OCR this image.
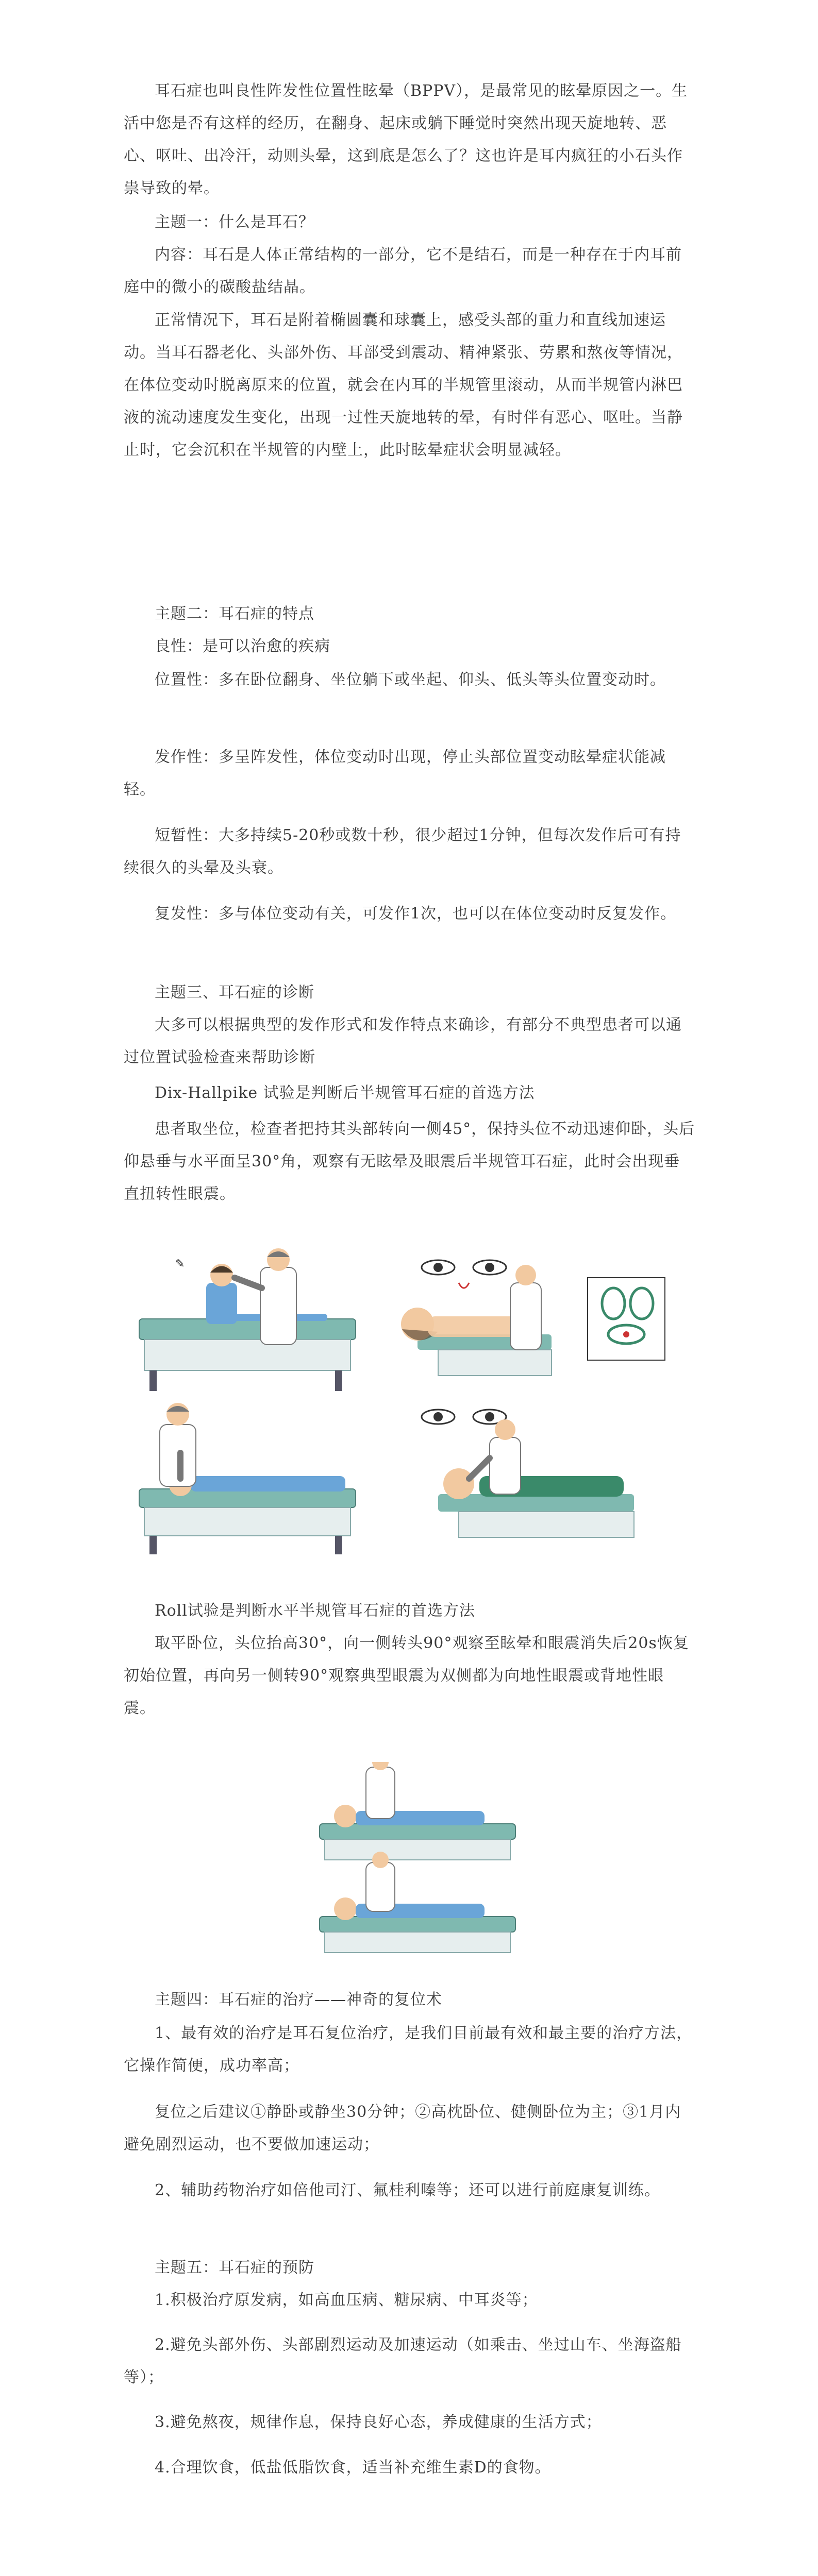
耳石症也叫良性阵发性位置性眩晕（BPPV），是最常见的眩晕原因之一。生活中您是否有这样的经历，在翻身、起床或躺下睡觉时突然出现天旋地转、恶心、呕吐、出冷汗，动则头晕，这到底是怎么了？这也许是耳内疯狂的小石头作祟导致的晕。

主题一：什么是耳石？

内容：耳石是人体正常结构的一部分，它不是结石，而是一种存在于内耳前庭中的微小的碳酸盐结晶。

正常情况下，耳石是附着椭圆囊和球囊上，感受头部的重力和直线加速运动。当耳石器老化、头部外伤、耳部受到震动、精神紧张、劳累和熬夜等情况，在体位变动时脱离原来的位置，就会在内耳的半规管里滚动，从而半规管内淋巴液的流动速度发生变化，出现一过性天旋地转的晕，有时伴有恶心、呕吐。当静止时，它会沉积在半规管的内壁上，此时眩晕症状会明显减轻。

主题二：耳石症的特点

良性：是可以治愈的疾病

位置性：多在卧位翻身、坐位躺下或坐起、仰头、低头等头位置变动时。

发作性：多呈阵发性，体位变动时出现，停止头部位置变动眩晕症状能减轻。

短暂性：大多持续5-20秒或数十秒，很少超过1分钟，但每次发作后可有持续很久的头晕及头衰。

复发性：多与体位变动有关，可发作1次，也可以在体位变动时反复发作。

主题三、耳石症的诊断

大多可以根据典型的发作形式和发作特点来确诊，有部分不典型患者可以通过位置试验检查来帮助诊断

Dix-Hallpike 试验是判断后半规管耳石症的首选方法

患者取坐位，检查者把持其头部转向一侧45°，保持头位不动迅速仰卧，头后仰悬垂与水平面呈30°角，观察有无眩晕及眼震后半规管耳石症，此时会出现垂直扭转性眼震。

✎

Roll试验是判断水平半规管耳石症的首选方法

取平卧位，头位抬高30°，向一侧转头90°观察至眩晕和眼震消失后20s恢复初始位置，再向另一侧转90°观察典型眼震为双侧都为向地性眼震或背地性眼震。

主题四：耳石症的治疗——神奇的复位术

1、最有效的治疗是耳石复位治疗，是我们目前最有效和最主要的治疗方法，它操作简便，成功率高；

复位之后建议①静卧或静坐30分钟；②高枕卧位、健侧卧位为主；③1月内避免剧烈运动，也不要做加速运动；

2、辅助药物治疗如倍他司汀、氟桂利嗪等；还可以进行前庭康复训练。

主题五：耳石症的预防

1.积极治疗原发病，如高血压病、糖尿病、中耳炎等；

2.避免头部外伤、头部剧烈运动及加速运动（如乘击、坐过山车、坐海盗船等）；

3.避免熬夜，规律作息，保持良好心态，养成健康的生活方式；

4.合理饮食，低盐低脂饮食，适当补充维生素D的食物。
